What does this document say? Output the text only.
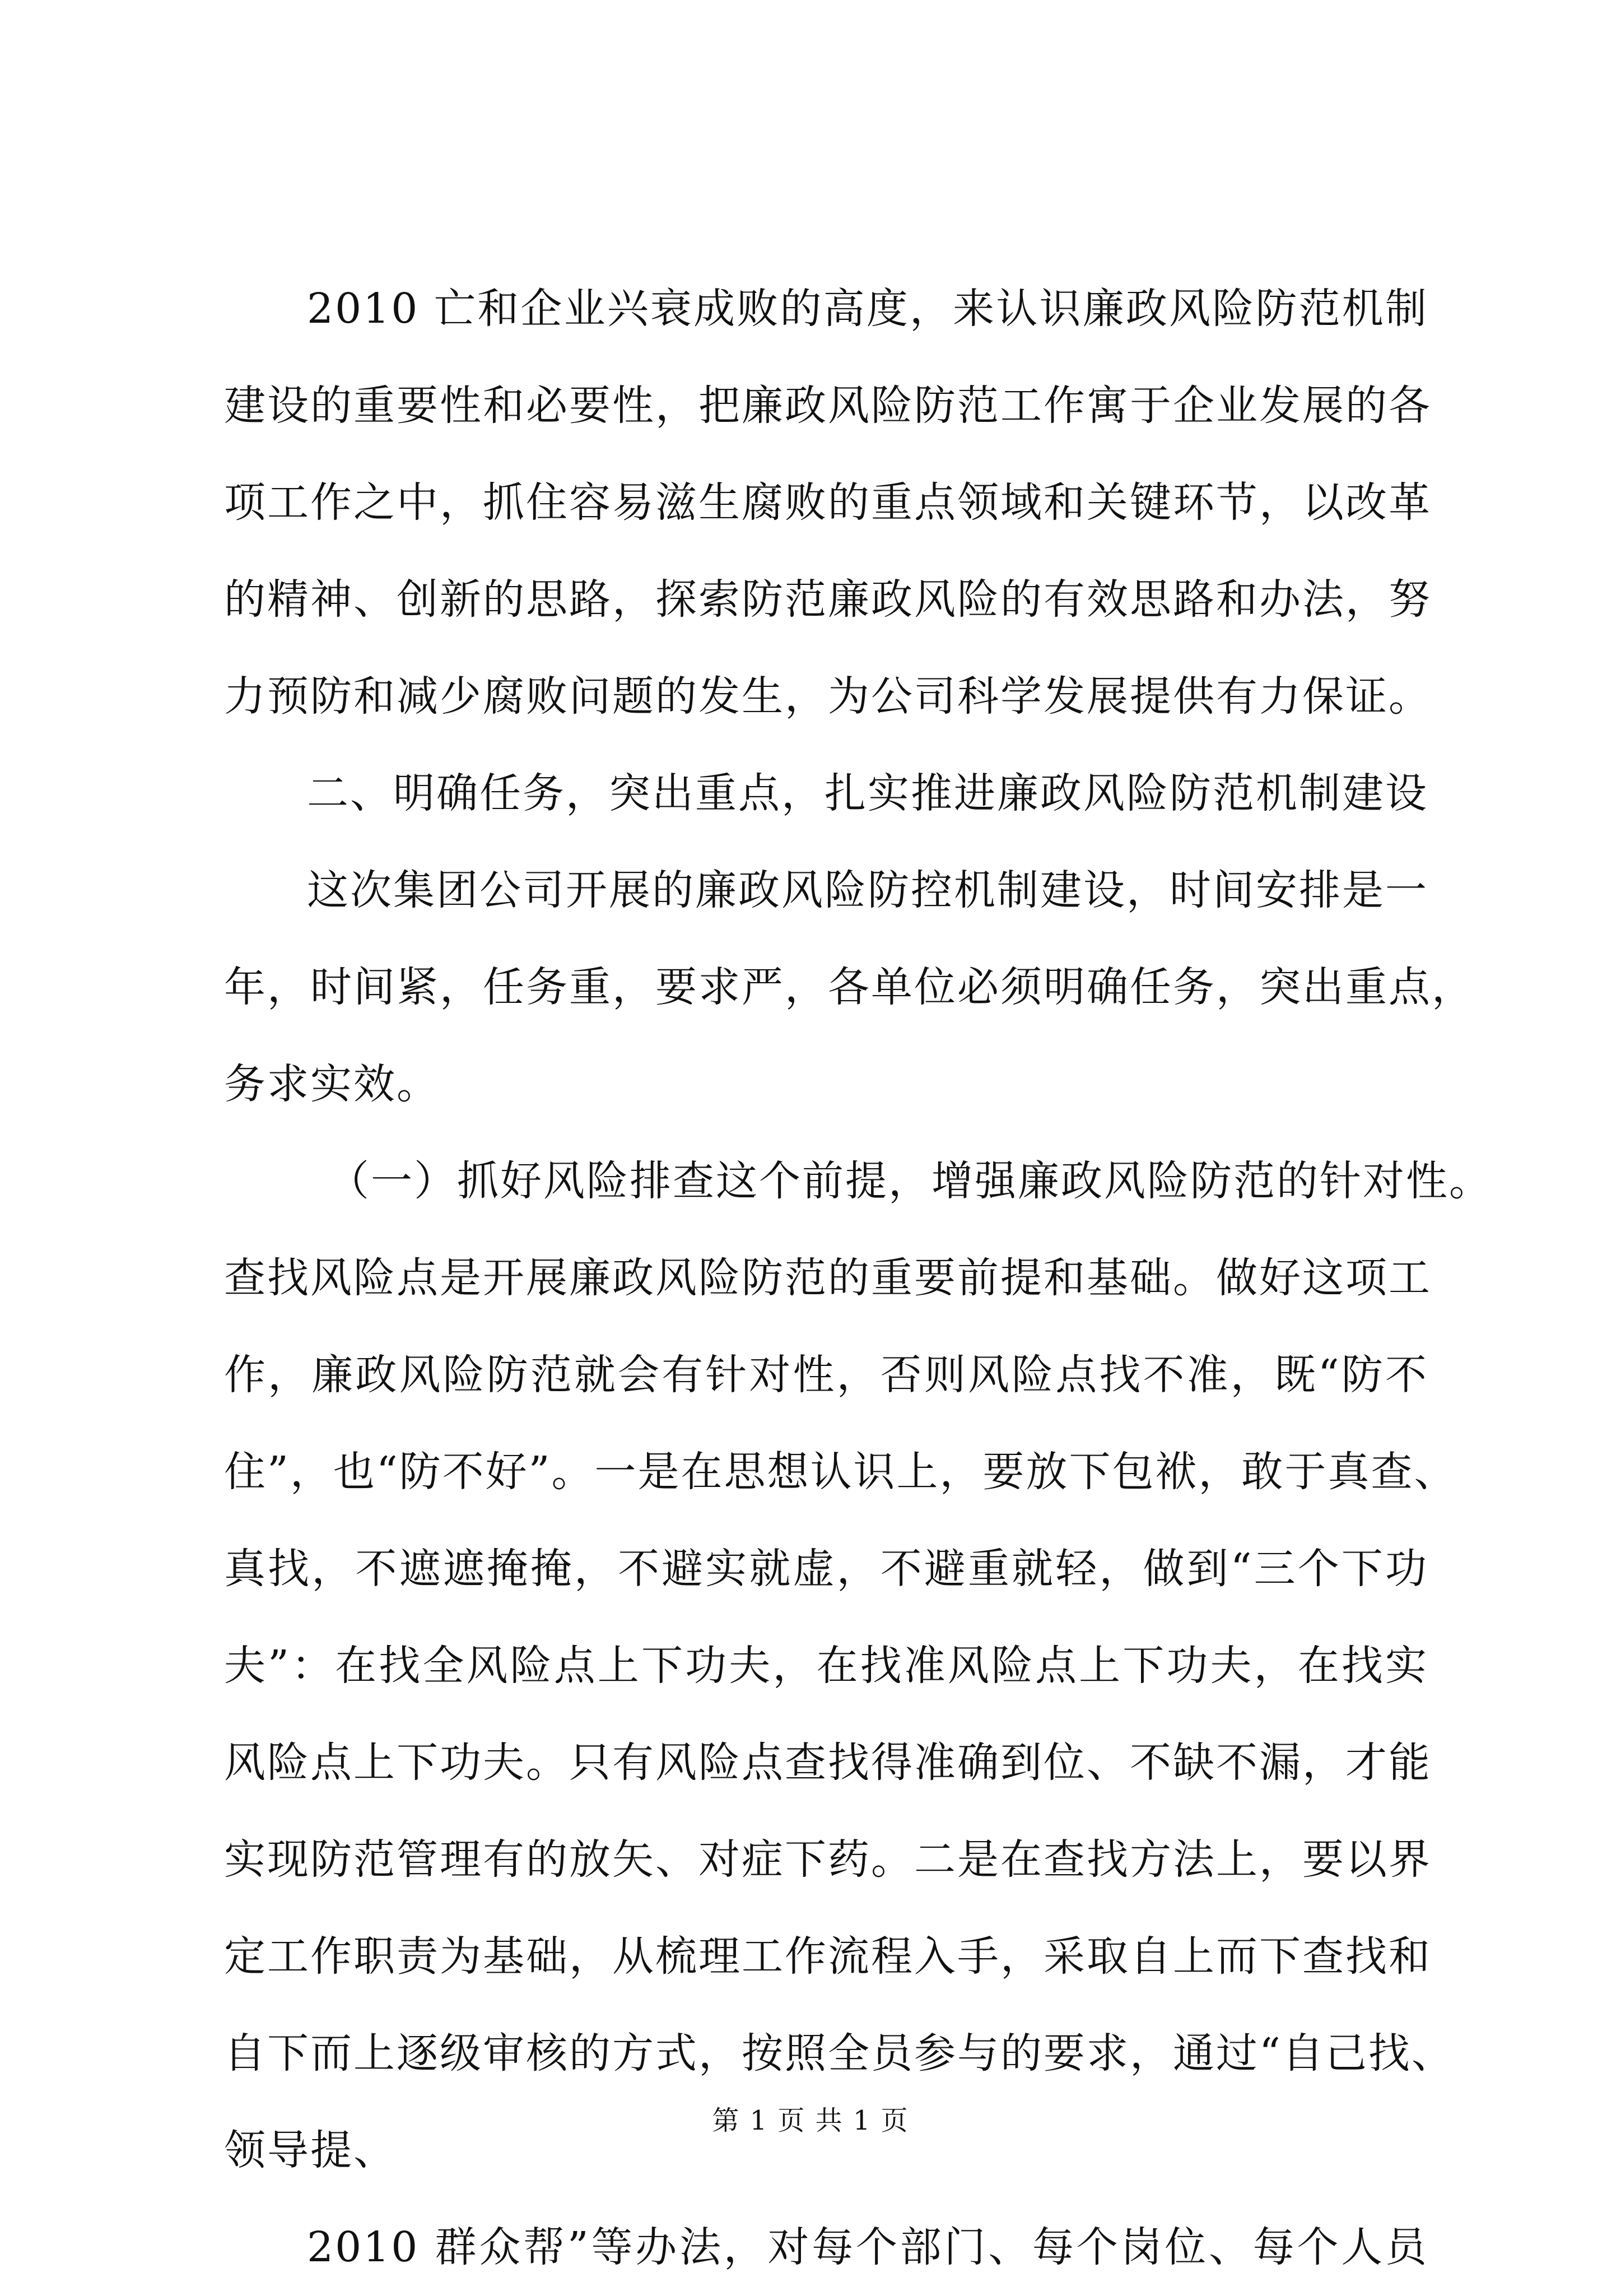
2010 亡和企业兴衰成败的高度，来认识廉政风险防范机制
建设的重要性和必要性，把廉政风险防范工作寓于企业发展的各
项工作之中，抓住容易滋生腐败的重点领域和关键环节，以改革
的精神、创新的思路，探索防范廉政风险的有效思路和办法，努
力预防和减少腐败问题的发生，为公司科学发展提供有力保证。
二、明确任务，突出重点，扎实推进廉政风险防范机制建设
这次集团公司开展的廉政风险防控机制建设，时间安排是一
年，时间紧，任务重，要求严，各单位必须明确任务，突出重点，
务求实效。
（一）抓好风险排查这个前提，增强廉政风险防范的针对性。
查找风险点是开展廉政风险防范的重要前提和基础。做好这项工
作，廉政风险防范就会有针对性，否则风险点找不准，既“防不
住”，也“防不好”。一是在思想认识上，要放下包袱，敢于真查、
真找，不遮遮掩掩，不避实就虚，不避重就轻，做到“三个下功
夫”：在找全风险点上下功夫，在找准风险点上下功夫，在找实
风险点上下功夫。只有风险点查找得准确到位、不缺不漏，才能
实现防范管理有的放矢、对症下药。二是在查找方法上，要以界
定工作职责为基础，从梳理工作流程入手，采取自上而下查找和
自下而上逐级审核的方式，按照全员参与的要求，通过“自己找、
领导提、
2010 群众帮”等办法，对每个部门、每个岗位、每个人员
第 1 页 共 1 页
